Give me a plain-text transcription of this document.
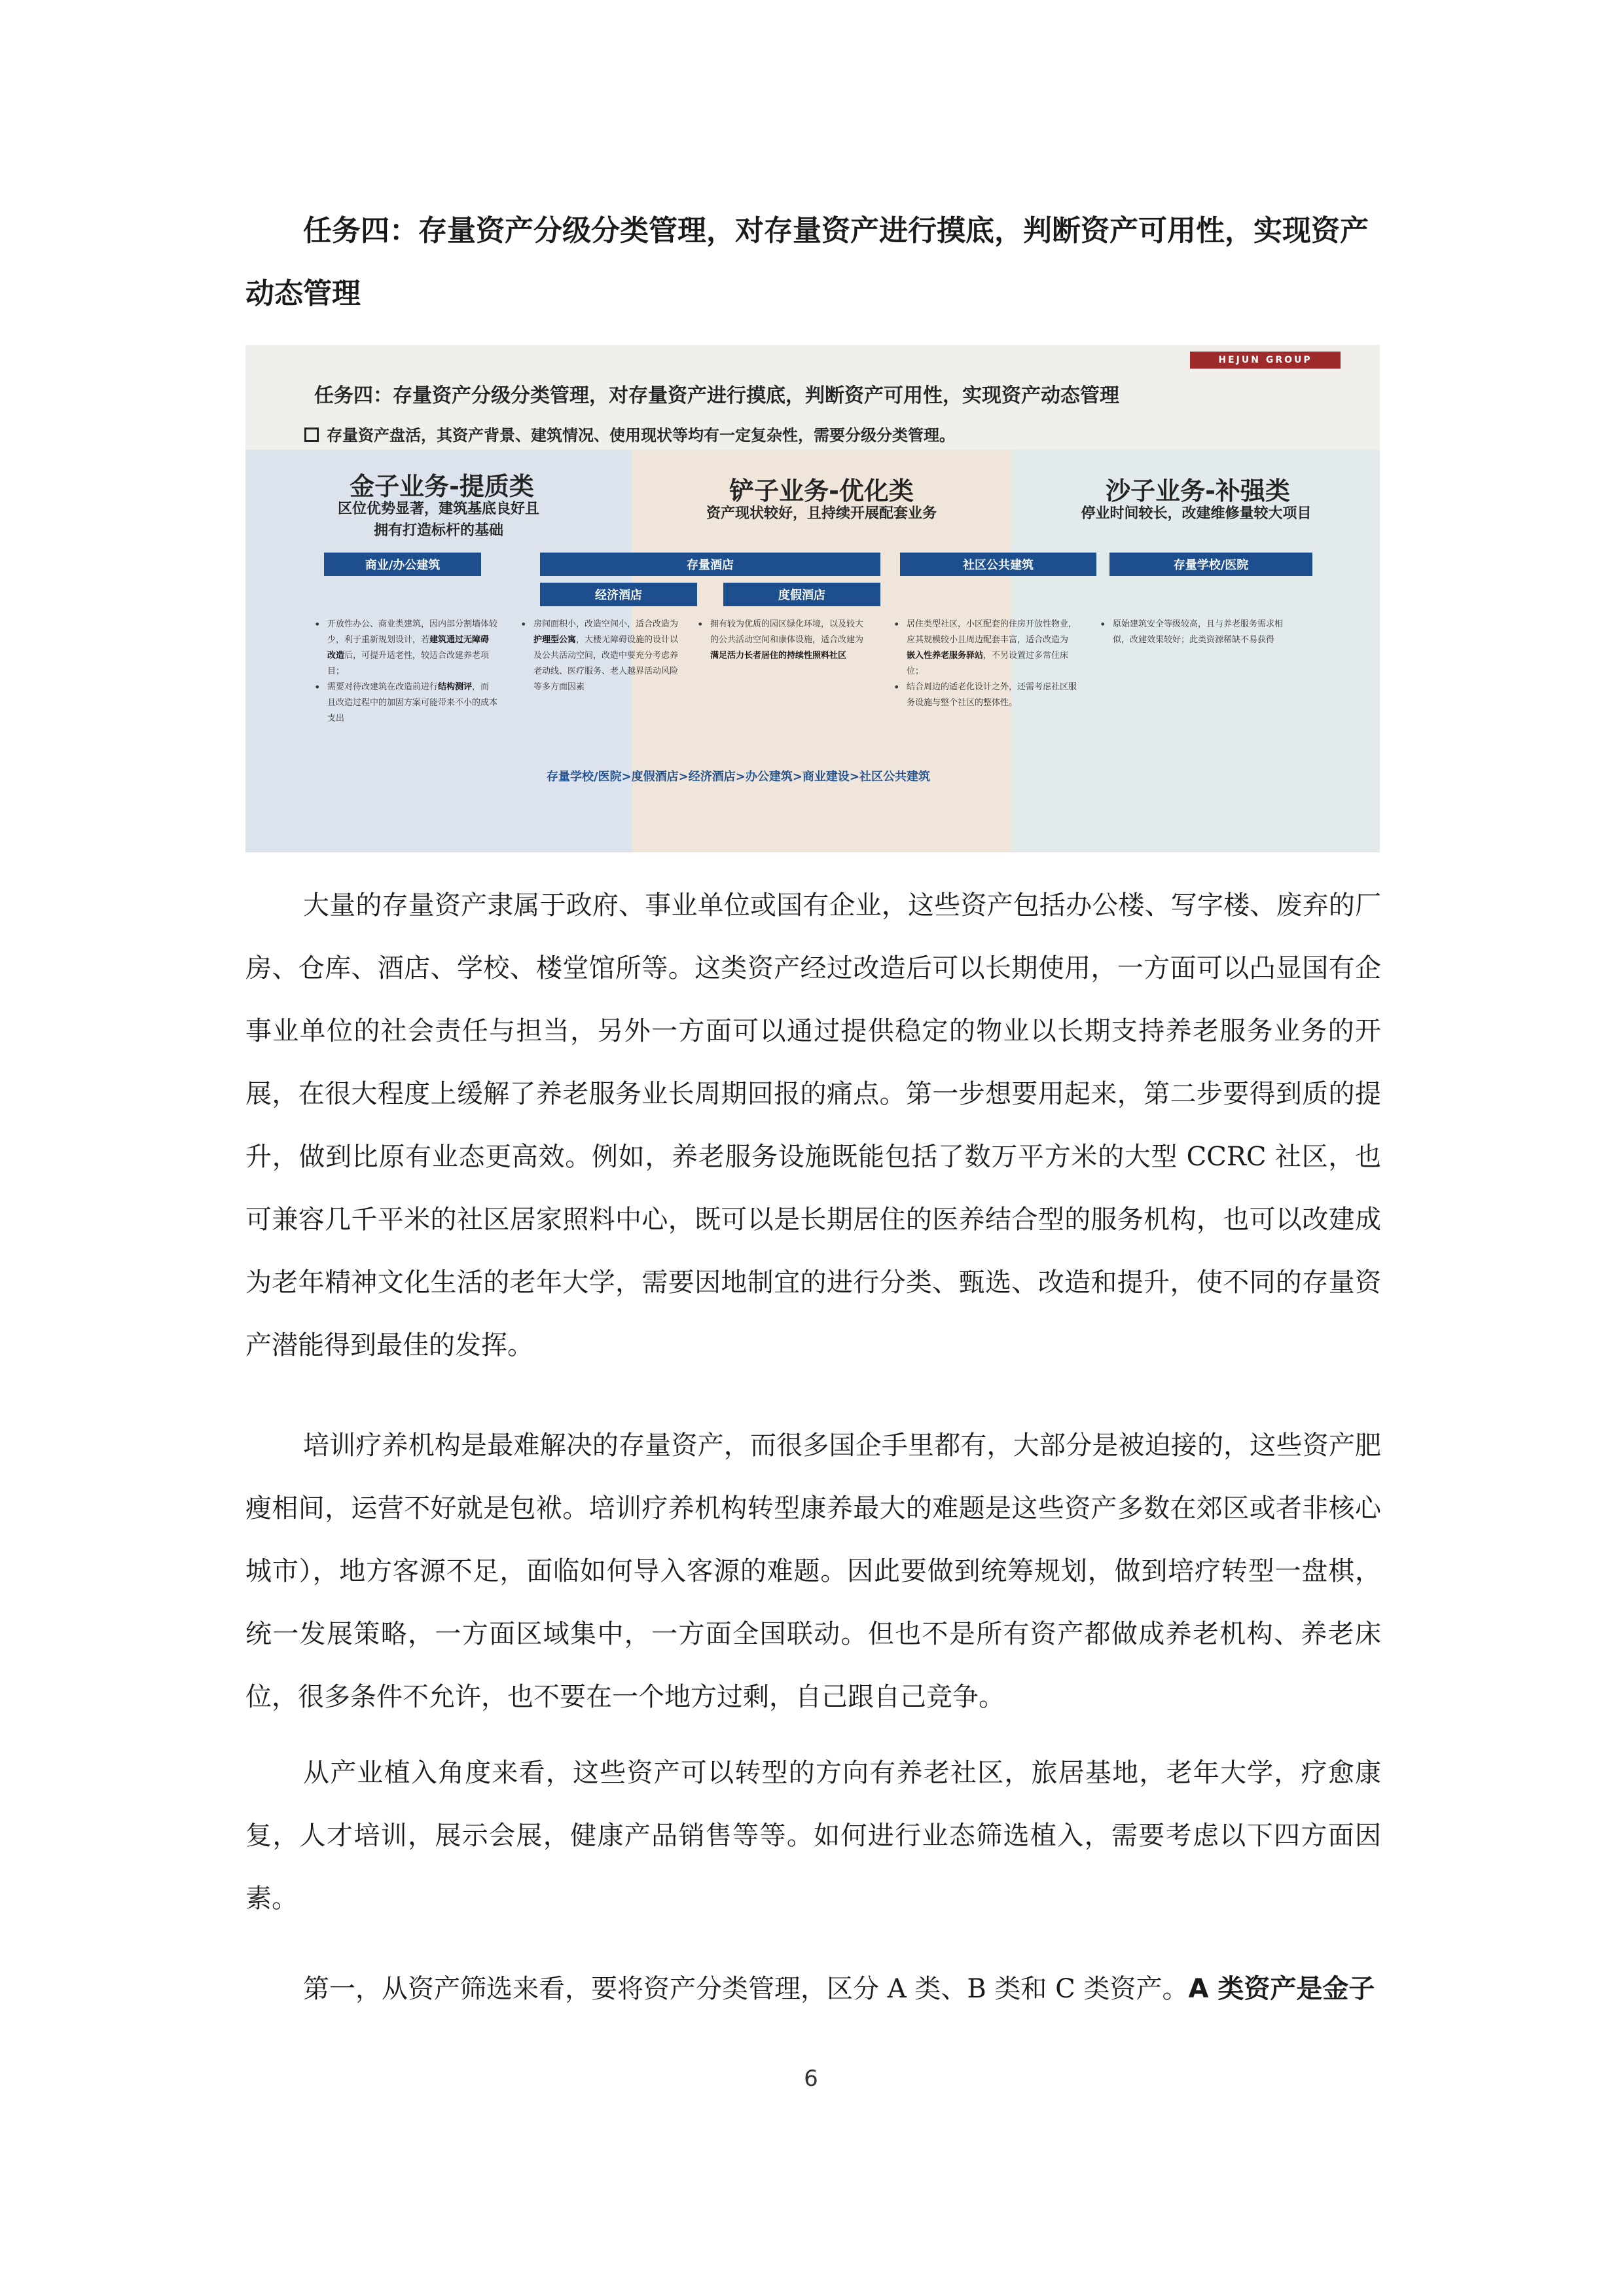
任务四：存量资产分级分类管理，对存量资产进行摸底，判断资产可用性，实现资产动态管理

HEJUN GROUP
任务四：存量资产分级分类管理，对存量资产进行摸底，判断资产可用性，实现资产动态管理
存量资产盘活，其资产背景、建筑情况、使用现状等均有一定复杂性，需要分级分类管理。
金子业务-提质类
区位优势显著，建筑基底良好且
拥有打造标杆的基础
铲子业务-优化类
资产现状较好，且持续开展配套业务
沙子业务-补强类
停业时间较长，改建维修量较大项目
商业/办公建筑	存量酒店
经济酒店	度假酒店
社区公共建筑	存量学校/医院
• 开放性办公、商业类建筑，因内部分割墙体较少，利于重新规划设计，若建筑通过无障碍改造后，可提升适老性，较适合改建养老项目；
• 需要对待改建筑在改造前进行结构测评，而且改造过程中的加固方案可能带来不小的成本支出
• 房间面积小，改造空间小，适合改造为护理型公寓，大楼无障碍设施的设计以及公共活动空间，改造中要充分考虑养老动线、医疗服务、老人越界活动风险等多方面因素
• 拥有较为优质的园区绿化环境，以及较大的公共活动空间和康体设施，适合改建为满足活力长者居住的持续性照料社区
• 居住类型社区，小区配套的住房开放性物业，应其规模较小且周边配套丰富，适合改造为嵌入性养老服务驿站，不另设置过多常住床位；
• 结合周边的适老化设计之外，还需考虑社区服务设施与整个社区的整体性。
• 原始建筑安全等级较高，且与养老服务需求相似，改建效果较好；此类资源稀缺不易获得
存量学校/医院>度假酒店>经济酒店>办公建筑>商业建设>社区公共建筑

大量的存量资产隶属于政府、事业单位或国有企业，这些资产包括办公楼、写字楼、废弃的厂房、仓库、酒店、学校、楼堂馆所等。这类资产经过改造后可以长期使用，一方面可以凸显国有企事业单位的社会责任与担当，另外一方面可以通过提供稳定的物业以长期支持养老服务业务的开展，在很大程度上缓解了养老服务业长周期回报的痛点。第一步想要用起来，第二步要得到质的提升，做到比原有业态更高效。例如，养老服务设施既能包括了数万平方米的大型 CCRC 社区，也可兼容几千平米的社区居家照料中心，既可以是长期居住的医养结合型的服务机构，也可以改建成为老年精神文化生活的老年大学，需要因地制宜的进行分类、甄选、改造和提升，使不同的存量资产潜能得到最佳的发挥。

培训疗养机构是最难解决的存量资产，而很多国企手里都有，大部分是被迫接的，这些资产肥瘦相间，运营不好就是包袱。培训疗养机构转型康养最大的难题是这些资产多数在郊区或者非核心城市），地方客源不足，面临如何导入客源的难题。因此要做到统筹规划，做到培疗转型一盘棋，统一发展策略，一方面区域集中，一方面全国联动。但也不是所有资产都做成养老机构、养老床位，很多条件不允许，也不要在一个地方过剩，自己跟自己竞争。

从产业植入角度来看，这些资产可以转型的方向有养老社区，旅居基地，老年大学，疗愈康复，人才培训，展示会展，健康产品销售等等。如何进行业态筛选植入，需要考虑以下四方面因素。

第一，从资产筛选来看，要将资产分类管理，区分 A 类、B 类和 C 类资产。A 类资产是金子

6
